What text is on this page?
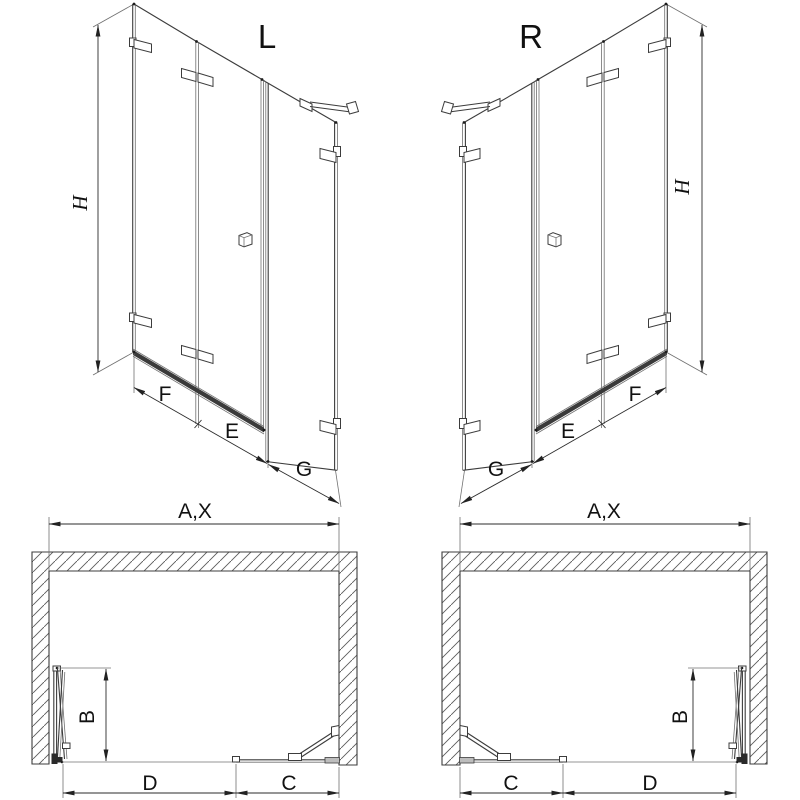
L
H
F
E
G
R
H
F
E
G
A,X
B
D	C
A,X
B
C	D
